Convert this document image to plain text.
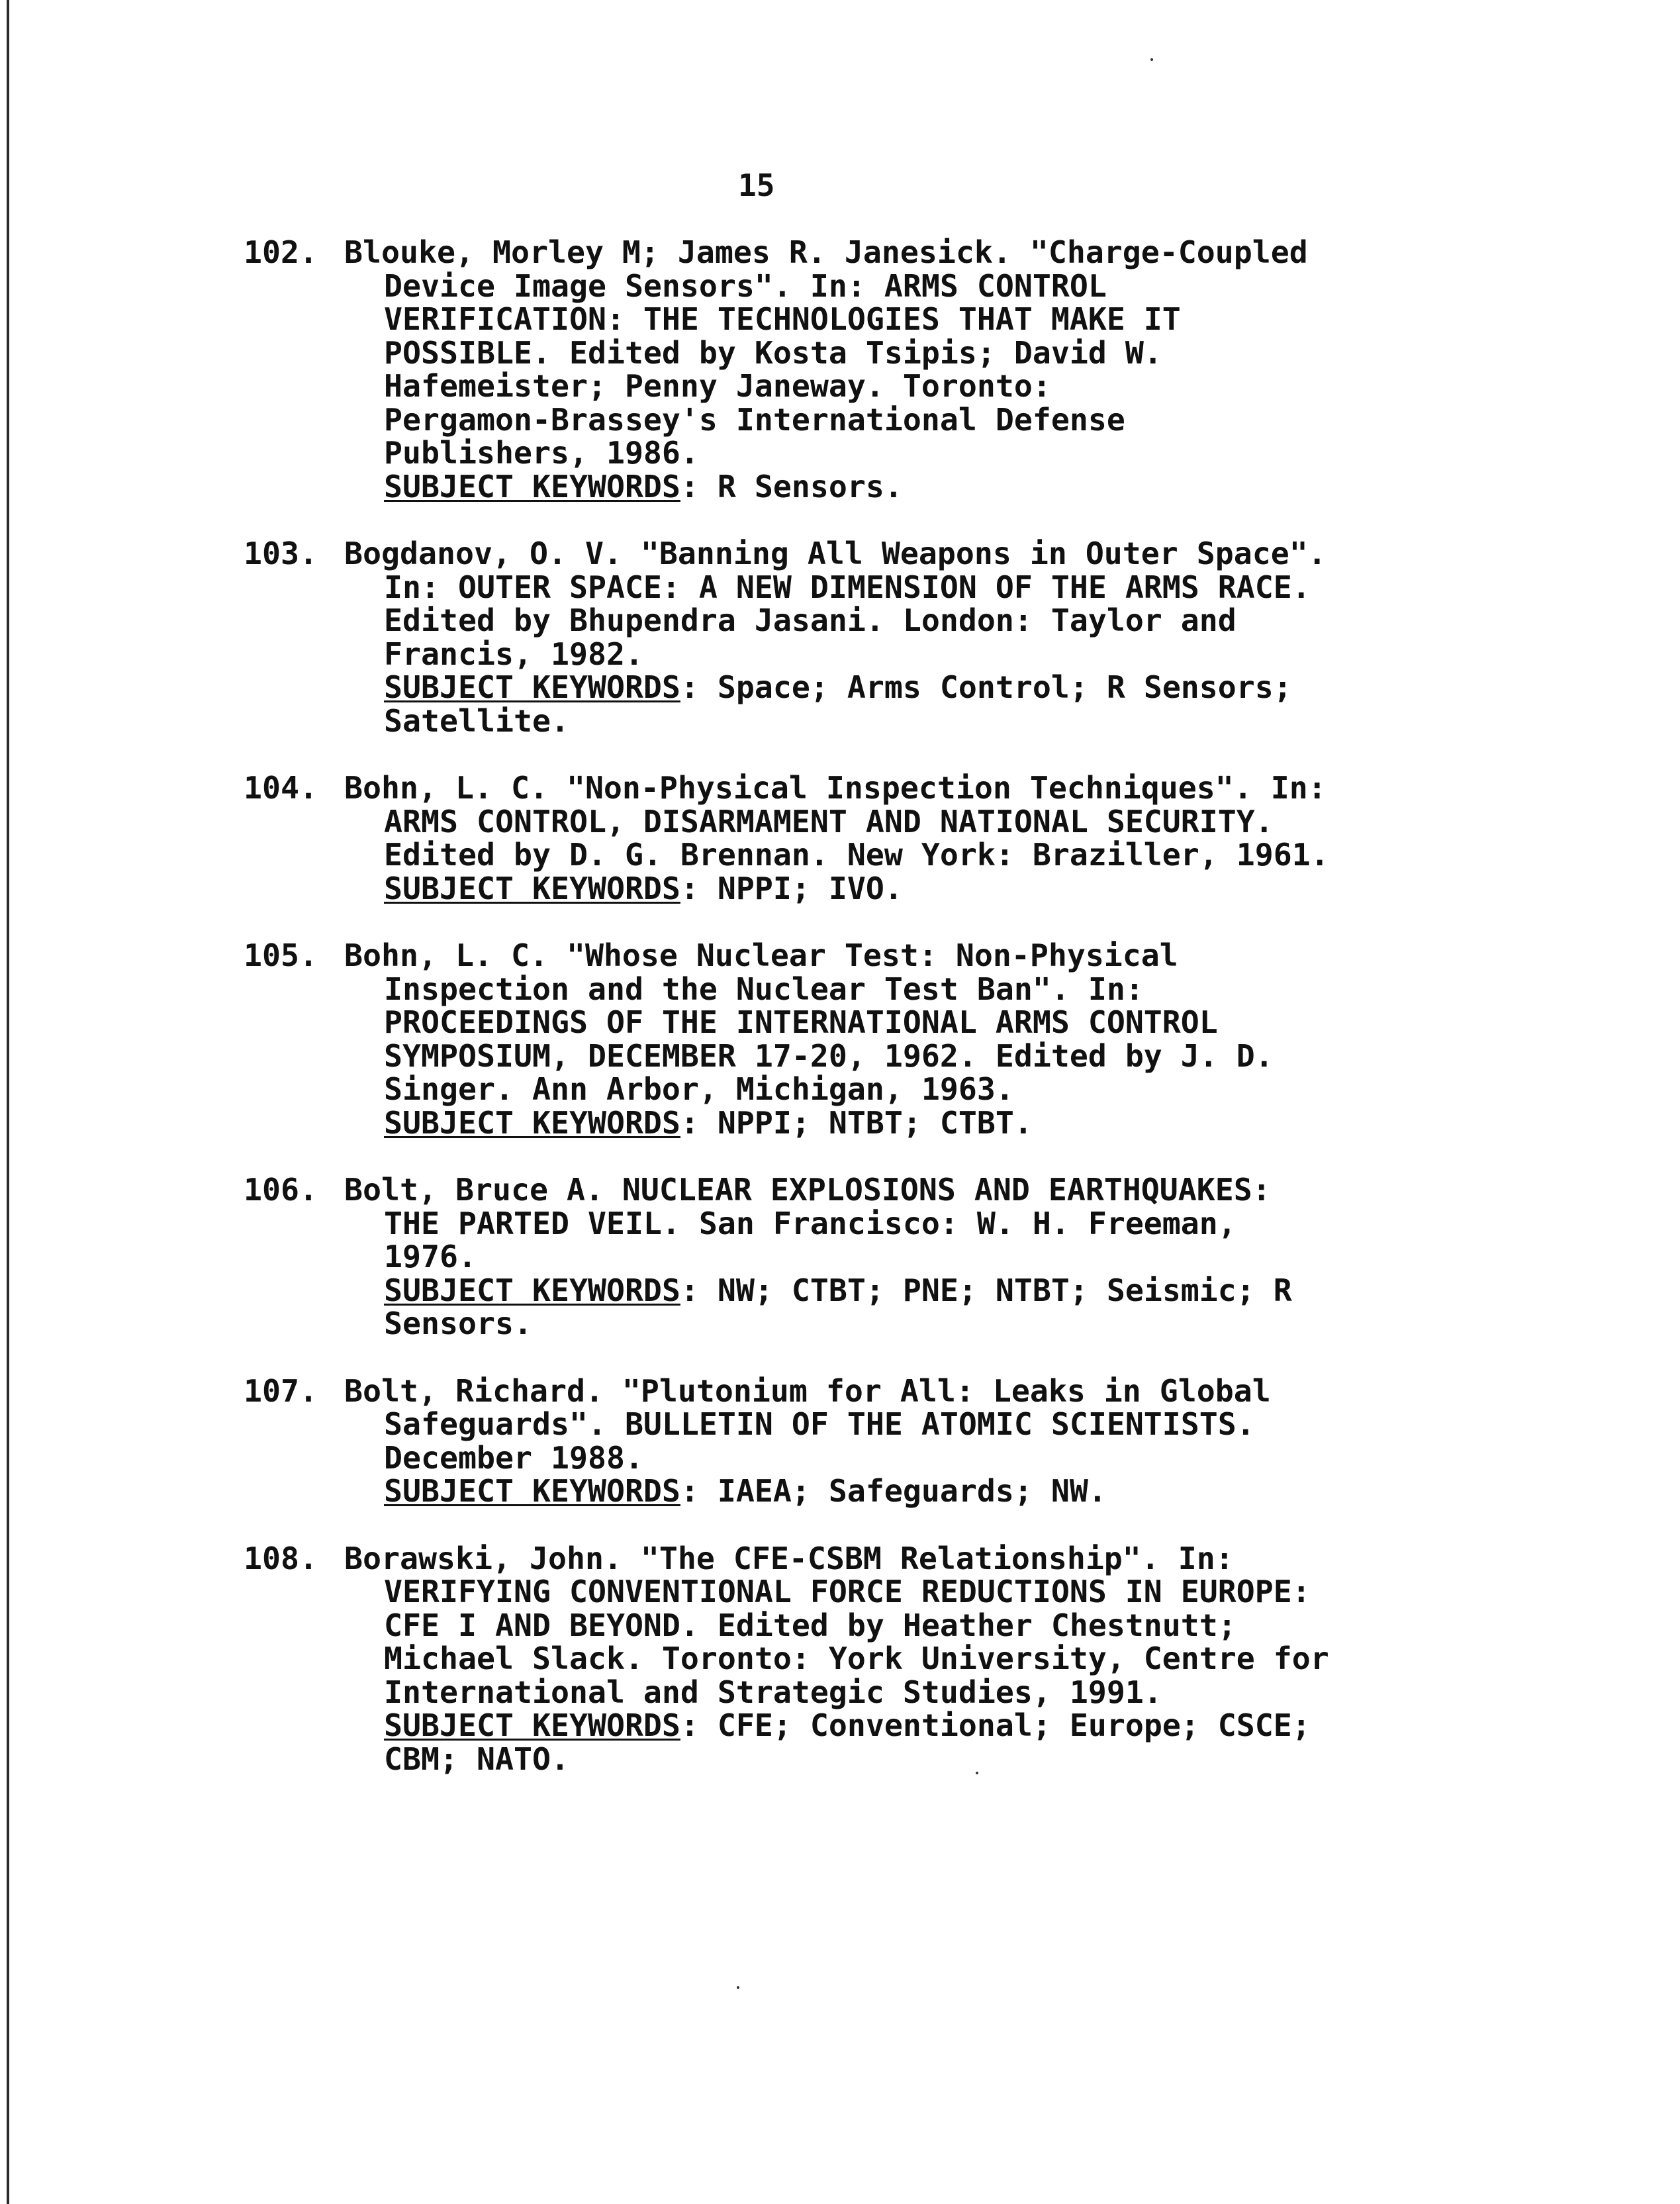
15
102. Blouke, Morley M; James R. Janesick. "Charge-Coupled
Device Image Sensors". In: ARMS CONTROL
VERIFICATION: THE TECHNOLOGIES THAT MAKE IT
POSSIBLE. Edited by Kosta Tsipis; David W.
Hafemeister; Penny Janeway. Toronto:
Pergamon-Brassey's International Defense
Publishers, 1986.
SUBJECT KEYWORDS: R Sensors.
103. Bogdanov, O. V. "Banning All Weapons in Outer Space".
In: OUTER SPACE: A NEW DIMENSION OF THE ARMS RACE.
Edited by Bhupendra Jasani. London: Taylor and
Francis, 1982.
SUBJECT KEYWORDS: Space; Arms Control; R Sensors;
Satellite.
104. Bohn, L. C. "Non-Physical Inspection Techniques". In:
ARMS CONTROL, DISARMAMENT AND NATIONAL SECURITY.
Edited by D. G. Brennan. New York: Braziller, 1961.
SUBJECT KEYWORDS: NPPI; IVO.
105. Bohn, L. C. "Whose Nuclear Test: Non-Physical
Inspection and the Nuclear Test Ban". In:
PROCEEDINGS OF THE INTERNATIONAL ARMS CONTROL
SYMPOSIUM, DECEMBER 17-20, 1962. Edited by J. D.
Singer. Ann Arbor, Michigan, 1963.
SUBJECT KEYWORDS: NPPI; NTBT; CTBT.
106. Bolt, Bruce A. NUCLEAR EXPLOSIONS AND EARTHQUAKES:
THE PARTED VEIL. San Francisco: W. H. Freeman,
1976.
SUBJECT KEYWORDS: NW; CTBT; PNE; NTBT; Seismic; R
Sensors.
107. Bolt, Richard. "Plutonium for All: Leaks in Global
Safeguards". BULLETIN OF THE ATOMIC SCIENTISTS.
December 1988.
SUBJECT KEYWORDS: IAEA; Safeguards; NW.
108. Borawski, John. "The CFE-CSBM Relationship". In:
VERIFYING CONVENTIONAL FORCE REDUCTIONS IN EUROPE:
CFE I AND BEYOND. Edited by Heather Chestnutt;
Michael Slack. Toronto: York University, Centre for
International and Strategic Studies, 1991.
SUBJECT KEYWORDS: CFE; Conventional; Europe; CSCE;
CBM; NATO.
